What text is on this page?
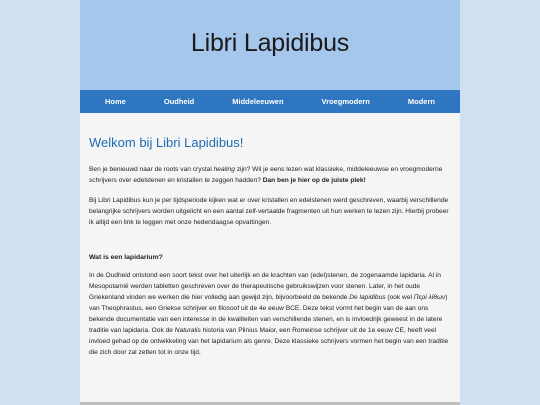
Libri Lapidibus
Home	Oudheid	Middeleeuwen	Vroegmodern	Modern
Welkom bij Libri Lapidibus!

Ben je benieuwd naar de roots van crystal healing zijn? Wil je eens lezen wat klassieke, middeleeuwse en vroegmoderne schrijvers over edelstenen en kristallen te zeggen hadden? Dan ben je hier op de juiste plek!

Bij Libri Lapidibus kun je per tijdsperiode kijken wat er over kristallen en edelstenen werd geschreven, waarbij verschillende belangrijke schrijvers worden uitgelicht en een aantal zelf-vertaalde fragmenten uit hun werken te lezen zijn. Hierbij probeer ik altijd een link te leggen met onze hedendaagse opvattingen.

Wat is een lapidarium?

In de Oudheid ontstond een soort tekst over het uiterlijk en de krachten van (edel)stenen, de zogenaamde lapidaria. Al in Mesopotamië werden tabletten geschreven over de therapeutische gebruikswijzen voor stenen. Later, in het oude Griekenland vinden we werken die hier volledig aan gewijd zijn, bijvoorbeeld de bekende De lapidibus (ook wel Περὶ λίθων) van Theophrastus, een Griekse schrijver en filosoof uit de 4e eeuw BCE. Deze tekst vormt het begin van de aan ons bekende documentatie van een interesse in de kwaliteiten van verschillende stenen, en is invloedrijk geweest in de latere traditie van lapidaria. Ook de Naturalis historia van Plinius Maior, een Romeinse schrijver uit de 1e eeuw CE, heeft veel invloed gehad op de ontwikkeling van het lapidarium als genre. Deze klassieke schrijvers vormen het begin van een traditie die zich door zal zetten tot in onze tijd.
